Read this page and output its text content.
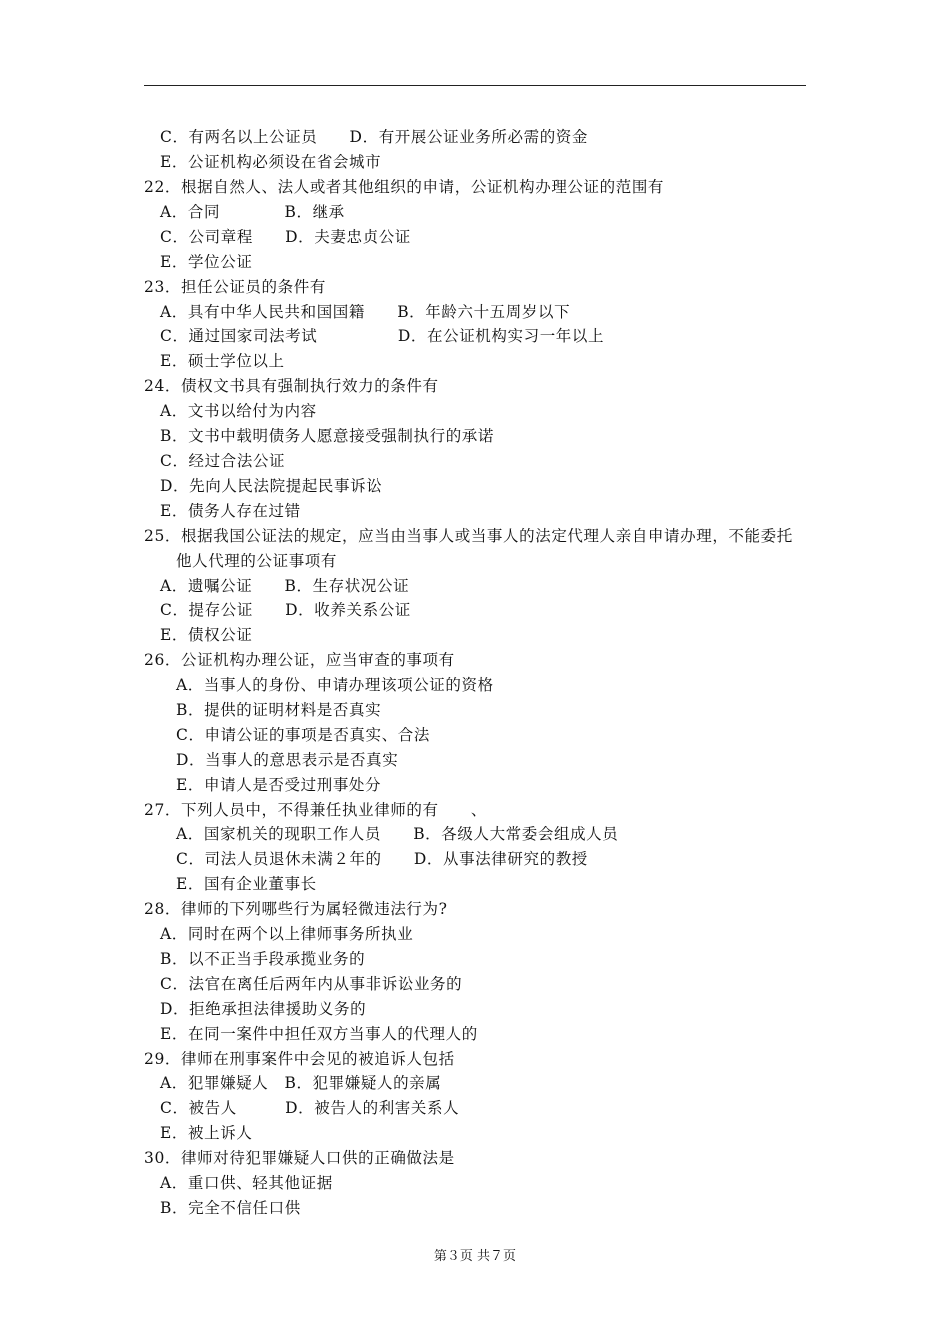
C．有两名以上公证员　　D．有开展公证业务所必需的资金
E．公证机构必须设在省会城市
22．根据自然人、法人或者其他组织的申请，公证机构办理公证的范围有
A．合同　　　　B．继承
C．公司章程　　D．夫妻忠贞公证
E．学位公证
23．担任公证员的条件有
A．具有中华人民共和国国籍　　B．年龄六十五周岁以下
C．通过国家司法考试　　　　　D．在公证机构实习一年以上
E．硕士学位以上
24．债权文书具有强制执行效力的条件有
A．文书以给付为内容
B．文书中载明债务人愿意接受强制执行的承诺
C．经过合法公证
D．先向人民法院提起民事诉讼
E．债务人存在过错
25．根据我国公证法的规定，应当由当事人或当事人的法定代理人亲自申请办理，不能委托
他人代理的公证事项有
A．遗嘱公证　　B．生存状况公证
C．提存公证　　D．收养关系公证
E．债权公证
26．公证机构办理公证，应当审查的事项有
A．当事人的身份、申请办理该项公证的资格
B．提供的证明材料是否真实
C．申请公证的事项是否真实、合法
D．当事人的意思表示是否真实
E．申请人是否受过刑事处分
27．下列人员中，不得兼任执业律师的有　　、
A．国家机关的现职工作人员　　B．各级人大常委会组成人员
C．司法人员退休未满２年的　　D．从事法律研究的教授
E．国有企业董事长
28．律师的下列哪些行为属轻微违法行为?
A．同时在两个以上律师事务所执业
B．以不正当手段承揽业务的
C．法官在离任后两年内从事非诉讼业务的
D．拒绝承担法律援助义务的
E．在同一案件中担任双方当事人的代理人的
29．律师在刑事案件中会见的被追诉人包括
A．犯罪嫌疑人　B．犯罪嫌疑人的亲属
C．被告人　　　D．被告人的利害关系人
E．被上诉人
30．律师对待犯罪嫌疑人口供的正确做法是
A．重口供、轻其他证据
B．完全不信任口供
第３页 共７页
